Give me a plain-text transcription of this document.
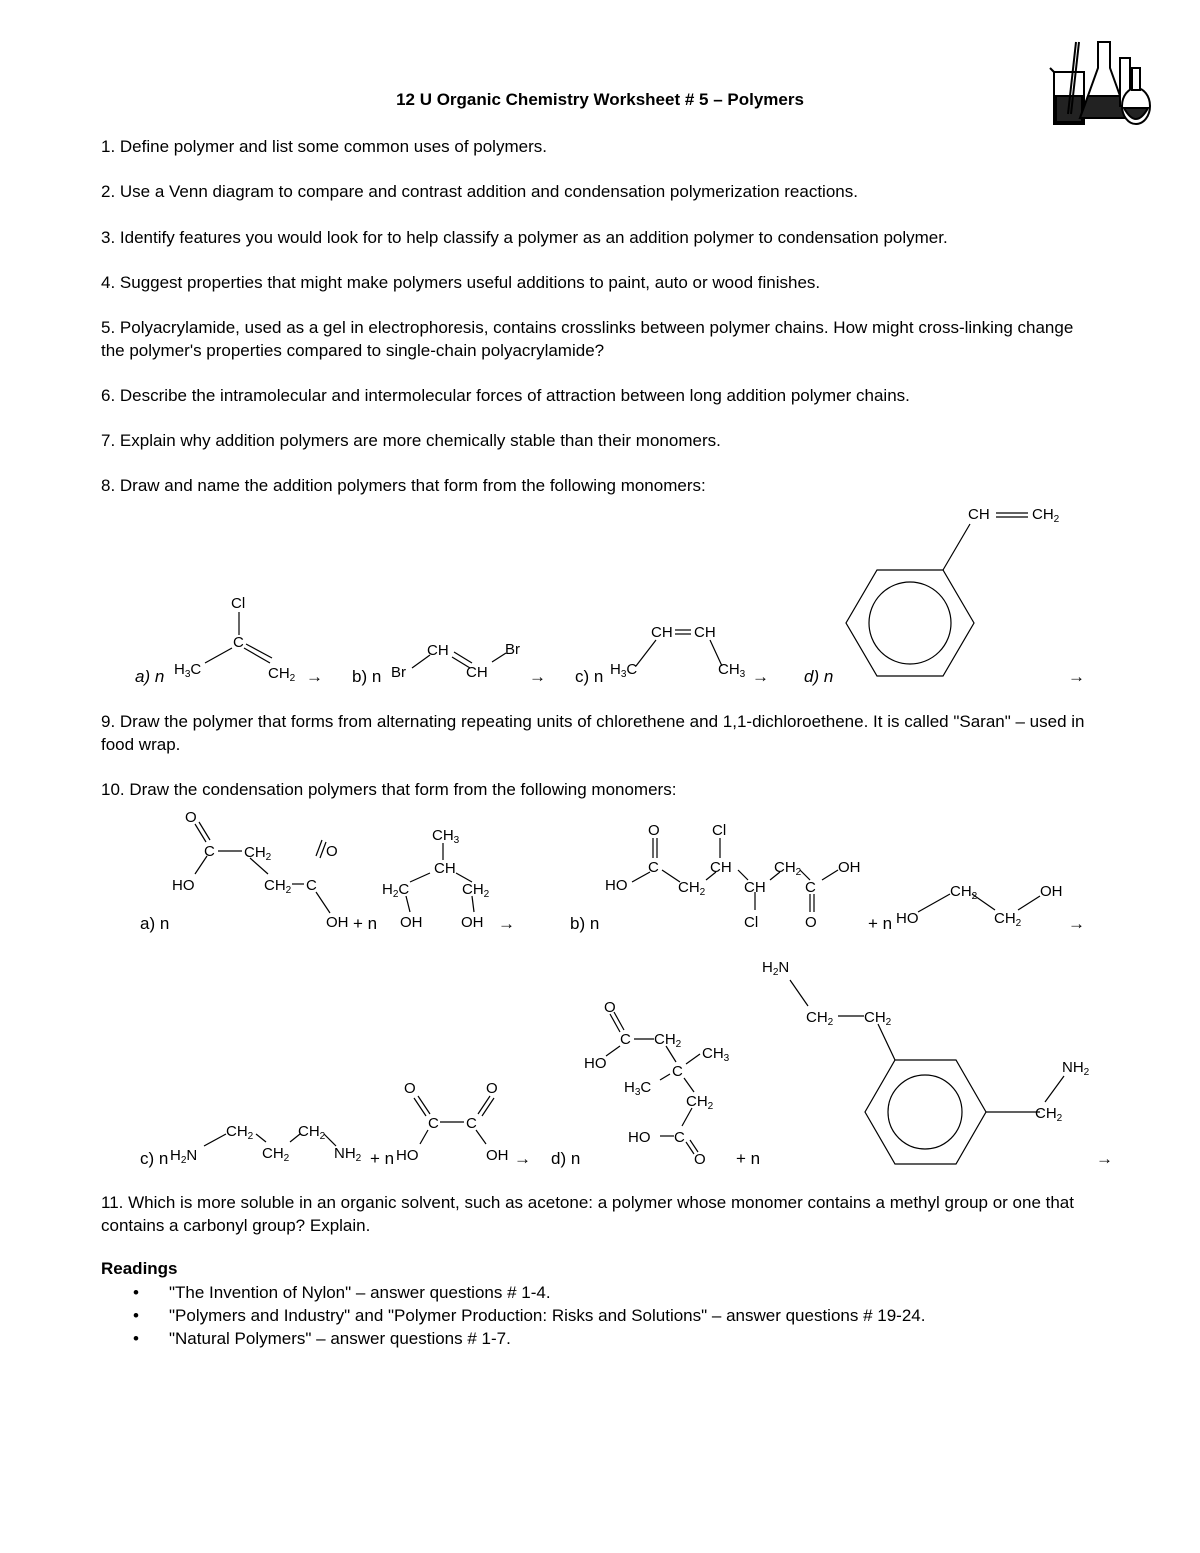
12 U Organic Chemistry Worksheet # 5 – Polymers
1. Define polymer and list some common uses of polymers.
2. Use a Venn diagram to compare and contrast addition and condensation polymerization reactions.
3. Identify features you would look for to help classify a polymer as an addition polymer to condensation polymer.
4. Suggest properties that might make polymers useful additions to paint, auto or wood finishes.
5. Polyacrylamide, used as a gel in electrophoresis, contains crosslinks between polymer chains. How might cross-linking change the polymer's properties compared to single-chain polyacrylamide?
6. Describe the intramolecular and intermolecular forces of attraction between long addition polymer chains.
7. Explain why addition polymers are more chemically stable than their monomers.
8. Draw and name the addition polymers that form from the following monomers:
Cl
C
$H_3C$	$CH_2$
a) n	→	Br
CH
CH
Br
b) n	→
CH CH
$H_3C$	$CH_3$
c) n	→
CH	$CH_2$
d) n	→
9. Draw the polymer that forms from alternating repeating units of chlorethene and 1,1-dichloroethene. It is called "Saran" – used in food wrap.
10. Draw the condensation polymers that form from the following monomers:
O
C $CH_2$
HO	$CH_2$ C
O
OH
a) n	+ n
$CH_3$
CH
$H_2C$	$CH_2$
OH	OH →
O
C
HO	$CH_2$
Cl
CH
CH
Cl
$CH_2$
C
O
OH
b) n	+ n HO
$CH_2$
$CH_2$
OH
→
c) n $H_2N$
$CH_2$
$CH_2$
$CH_2$
$NH_2 + n$
O
C C
O
HO	OH → d) n
O
C
HO
$CH_2$
$CH_3$
C
$H_3C$
$CH_2$
HO C
O + n
$H_2N$
$CH_2$ $CH_2$
$NH_2$
$CH_2$
→
11. Which is more soluble in an organic solvent, such as acetone: a polymer whose monomer contains a methyl group or one that contains a carbonyl group? Explain.
Readings
• "The Invention of Nylon" – answer questions # 1-4.
• "Polymers and Industry" and "Polymer Production: Risks and Solutions" – answer questions # 19-24.
• "Natural Polymers" – answer questions # 1-7.
